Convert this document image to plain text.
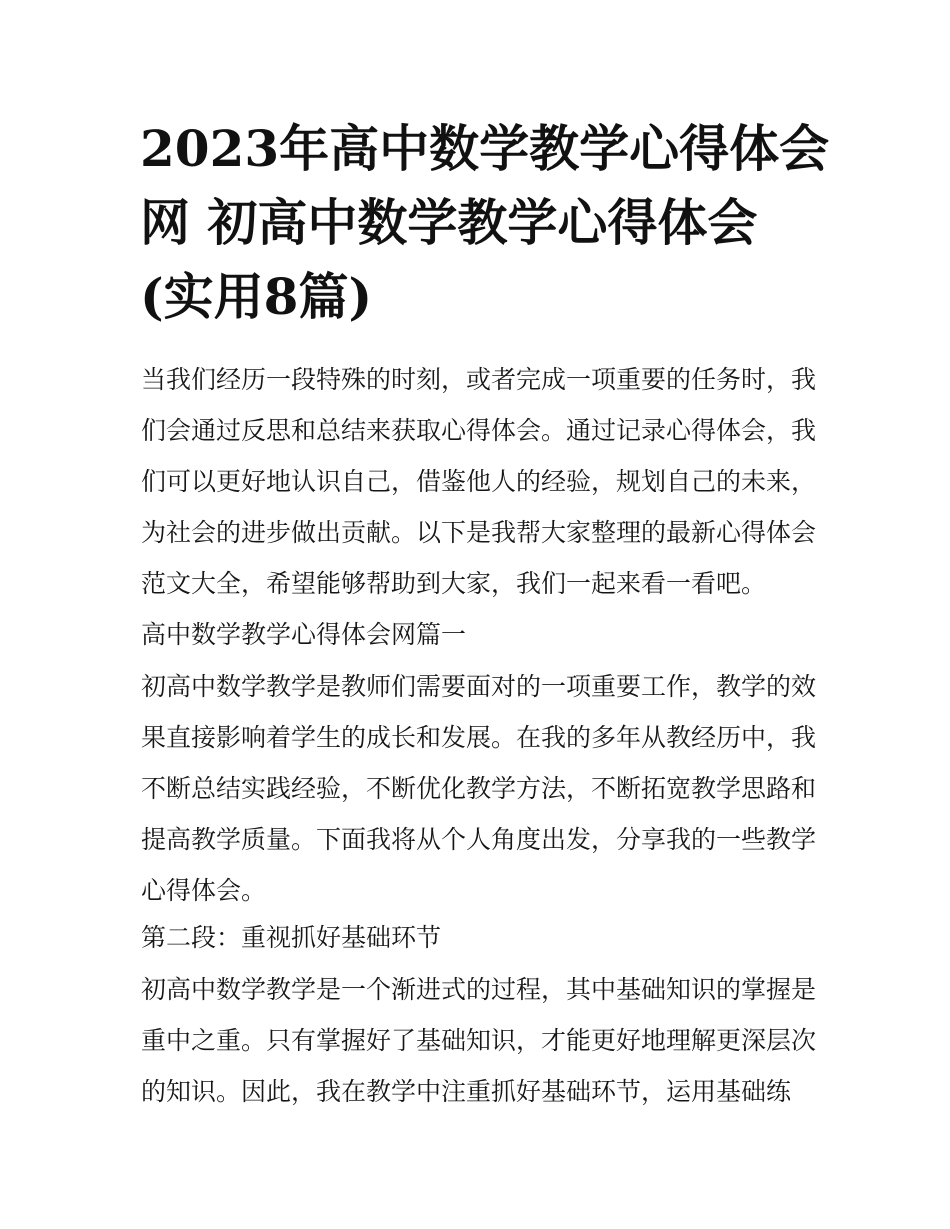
2023年高中数学教学心得体会
网 初高中数学教学心得体会
(实用8篇)

当我们经历一段特殊的时刻，或者完成一项重要的任务时，我
们会通过反思和总结来获取心得体会。通过记录心得体会，我
们可以更好地认识自己，借鉴他人的经验，规划自己的未来，
为社会的进步做出贡献。以下是我帮大家整理的最新心得体会
范文大全，希望能够帮助到大家，我们一起来看一看吧。

高中数学教学心得体会网篇一

初高中数学教学是教师们需要面对的一项重要工作，教学的效
果直接影响着学生的成长和发展。在我的多年从教经历中，我
不断总结实践经验，不断优化教学方法，不断拓宽教学思路和
提高教学质量。下面我将从个人角度出发，分享我的一些教学
心得体会。

第二段：重视抓好基础环节

初高中数学教学是一个渐进式的过程，其中基础知识的掌握是
重中之重。只有掌握好了基础知识，才能更好地理解更深层次
的知识。因此，我在教学中注重抓好基础环节，运用基础练
